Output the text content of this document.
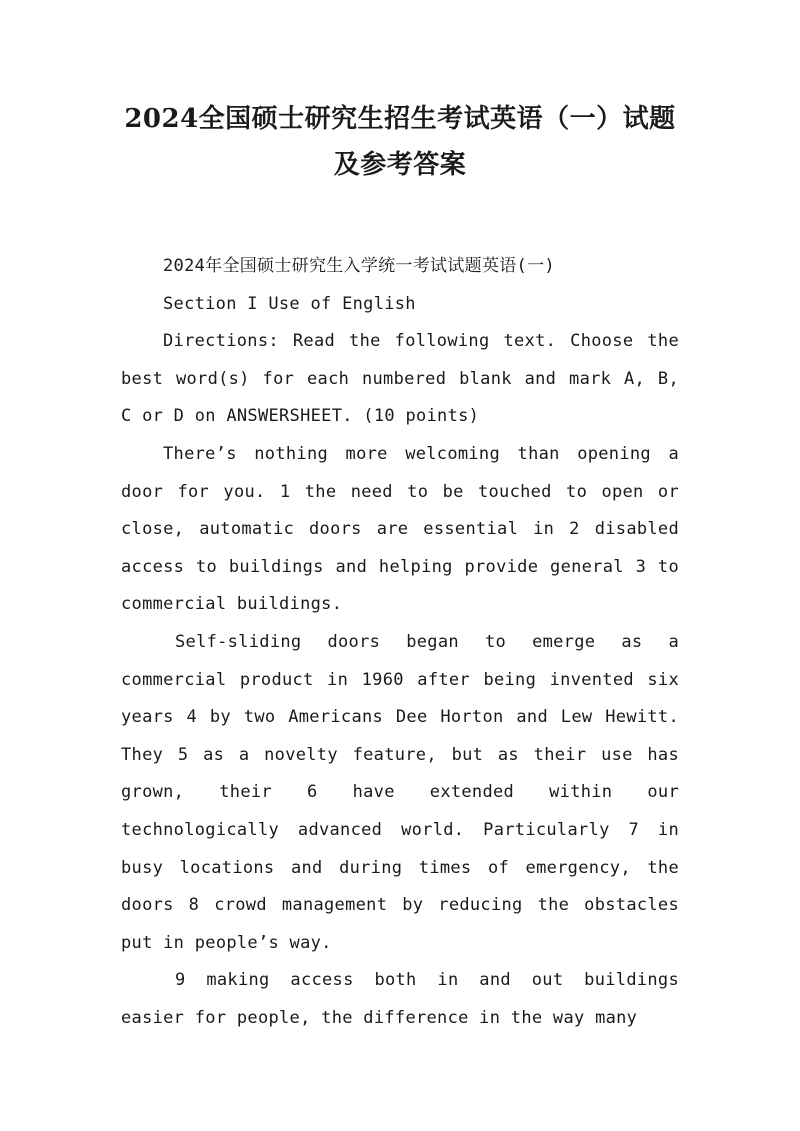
2024全国硕士研究生招生考试英语（一）试题及参考答案

2024年全国硕士研究生入学统一考试试题英语(一)

Section I Use of English

Directions: Read the following text. Choose the best word(s) for each numbered blank and mark A, B, C or D on ANSWERSHEET. (10 points)

There’s nothing more welcoming than opening a door for you. 1 the need to be touched to open or close, automatic doors are essential in 2 disabled access to buildings and helping provide general 3 to commercial buildings.

Self-sliding doors began to emerge as a commercial product in 1960 after being invented six years 4 by two Americans Dee Horton and Lew Hewitt. They 5 as a novelty feature, but as their use has grown, their 6 have extended within our technologically advanced world. Particularly 7 in busy locations and during times of emergency, the doors 8 crowd management by reducing the obstacles put in people’s way.

9 making access both in and out buildings easier for people, the difference in the way many
